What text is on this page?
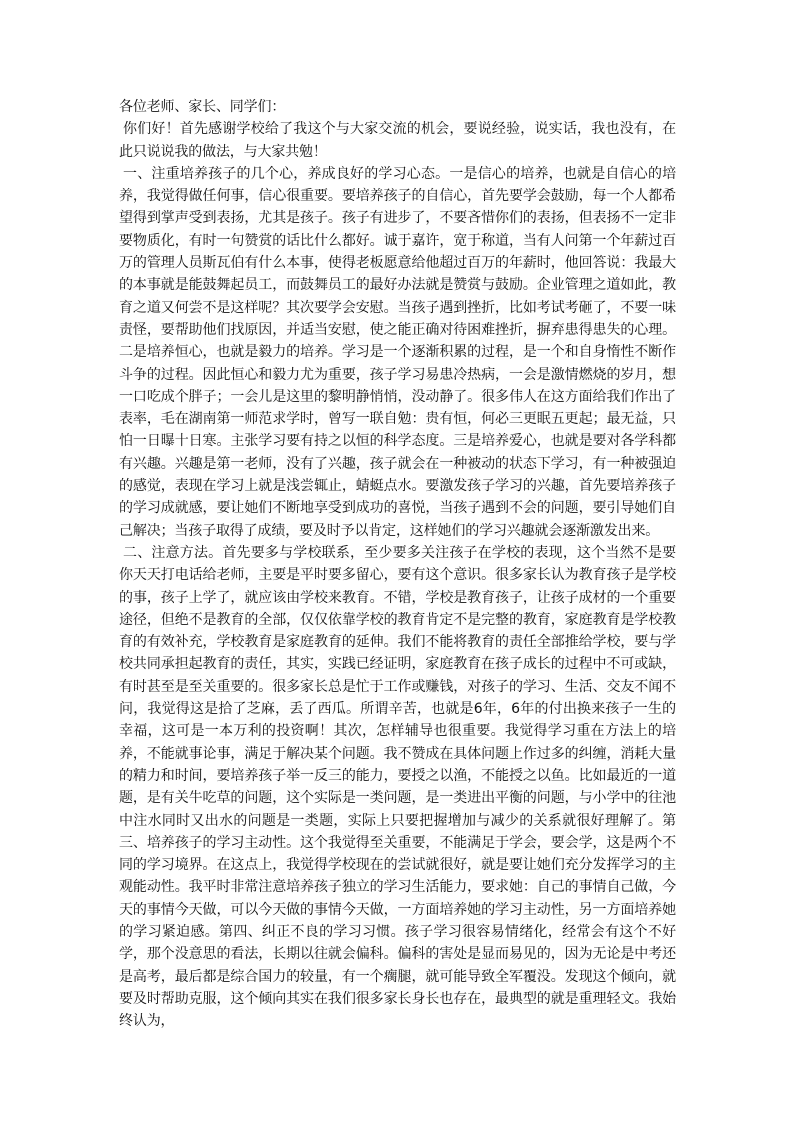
各位老师、家长、同学们：

你们好！首先感谢学校给了我这个与大家交流的机会，要说经验，说实话，我也没有，在此只说说我的做法，与大家共勉！

一、注重培养孩子的几个心，养成良好的学习心态。一是信心的培养，也就是自信心的培养，我觉得做任何事，信心很重要。要培养孩子的自信心，首先要学会鼓励，每一个人都希望得到掌声受到表扬，尤其是孩子。孩子有进步了，不要吝惜你们的表扬，但表扬不一定非要物质化，有时一句赞赏的话比什么都好。诚于嘉许，宽于称道，当有人问第一个年薪过百万的管理人员斯瓦伯有什么本事，使得老板愿意给他超过百万的年薪时，他回答说：我最大的本事就是能鼓舞起员工，而鼓舞员工的最好办法就是赞赏与鼓励。企业管理之道如此，教育之道又何尝不是这样呢？其次要学会安慰。当孩子遇到挫折，比如考试考砸了，不要一味责怪，要帮助他们找原因，并适当安慰，使之能正确对待困难挫折，摒弃患得患失的心理。二是培养恒心，也就是毅力的培养。学习是一个逐渐积累的过程，是一个和自身惰性不断作斗争的过程。因此恒心和毅力尤为重要，孩子学习易患冷热病，一会是激情燃烧的岁月，想一口吃成个胖子；一会儿是这里的黎明静悄悄，没动静了。很多伟人在这方面给我们作出了表率，毛在湖南第一师范求学时，曾写一联自勉：贵有恒，何必三更眠五更起；最无益，只怕一日曝十日寒。主张学习要有持之以恒的科学态度。三是培养爱心，也就是要对各学科都有兴趣。兴趣是第一老师，没有了兴趣，孩子就会在一种被动的状态下学习，有一种被强迫的感觉，表现在学习上就是浅尝辄止，蜻蜓点水。要激发孩子学习的兴趣，首先要培养孩子的学习成就感，要让她们不断地享受到成功的喜悦，当孩子遇到不会的问题，要引导她们自己解决；当孩子取得了成绩，要及时予以肯定，这样她们的学习兴趣就会逐渐激发出来。

二、注意方法。首先要多与学校联系，至少要多关注孩子在学校的表现，这个当然不是要你天天打电话给老师，主要是平时要多留心，要有这个意识。很多家长认为教育孩子是学校的事，孩子上学了，就应该由学校来教育。不错，学校是教育孩子，让孩子成材的一个重要途径，但绝不是教育的全部，仅仅依靠学校的教育肯定不是完整的教育，家庭教育是学校教育的有效补充，学校教育是家庭教育的延伸。我们不能将教育的责任全部推给学校，要与学校共同承担起教育的责任，其实，实践已经证明，家庭教育在孩子成长的过程中不可或缺，有时甚至是至关重要的。很多家长总是忙于工作或赚钱，对孩子的学习、生活、交友不闻不问，我觉得这是拾了芝麻，丢了西瓜。所谓辛苦，也就是6年，6年的付出换来孩子一生的幸福，这可是一本万利的投资啊！其次，怎样辅导也很重要。我觉得学习重在方法上的培养，不能就事论事，满足于解决某个问题。我不赞成在具体问题上作过多的纠缠，消耗大量的精力和时间，要培养孩子举一反三的能力，要授之以渔，不能授之以鱼。比如最近的一道题，是有关牛吃草的问题，这个实际是一类问题，是一类进出平衡的问题，与小学中的往池中注水同时又出水的问题是一类题，实际上只要把握增加与减少的关系就很好理解了。第三、培养孩子的学习主动性。这个我觉得至关重要，不能满足于学会，要会学，这是两个不同的学习境界。在这点上，我觉得学校现在的尝试就很好，就是要让她们充分发挥学习的主观能动性。我平时非常注意培养孩子独立的学习生活能力，要求她：自己的事情自己做，今天的事情今天做，可以今天做的事情今天做，一方面培养她的学习主动性，另一方面培养她的学习紧迫感。第四、纠正不良的学习习惯。孩子学习很容易情绪化，经常会有这个不好学，那个没意思的看法，长期以往就会偏科。偏科的害处是显而易见的，因为无论是中考还是高考，最后都是综合国力的较量，有一个瘸腿，就可能导致全军覆没。发现这个倾向，就要及时帮助克服，这个倾向其实在我们很多家长身长也存在，最典型的就是重理轻文。我始终认为，
